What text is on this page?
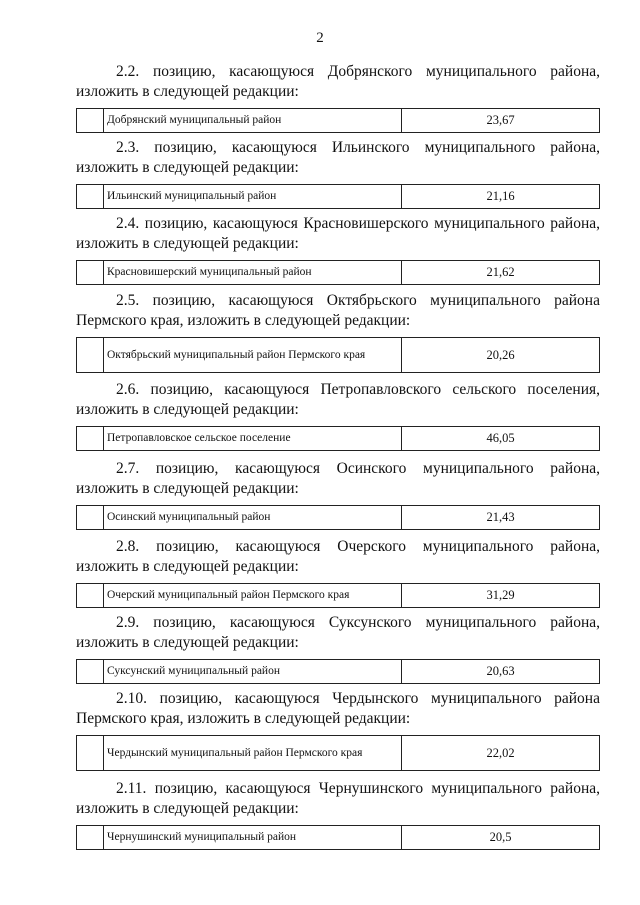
2

2.2. позицию, касающуюся Добрянского муниципального района, изложить в следующей редакции:

Добрянский муниципальный район	23,67

2.3. позицию, касающуюся Ильинского муниципального района, изложить в следующей редакции:

Ильинский муниципальный район	21,16

2.4. позицию, касающуюся Красновишерского муниципального района, изложить в следующей редакции:

Красновишерский муниципальный район	21,62

2.5. позицию, касающуюся Октябрьского муниципального района Пермского края, изложить в следующей редакции:

Октябрьский муниципальный район Пермского края	20,26

2.6. позицию, касающуюся Петропавловского сельского поселения, изложить в следующей редакции:

Петропавловское сельское поселение	46,05

2.7. позицию, касающуюся Осинского муниципального района, изложить в следующей редакции:

Осинский муниципальный район	21,43

2.8. позицию, касающуюся Очерского муниципального района, изложить в следующей редакции:

Очерский муниципальный район Пермского края	31,29

2.9. позицию, касающуюся Суксунского муниципального района, изложить в следующей редакции:

Суксунский муниципальный район	20,63

2.10. позицию, касающуюся Чердынского муниципального района Пермского края, изложить в следующей редакции:

Чердынский муниципальный район Пермского края	22,02

2.11. позицию, касающуюся Чернушинского муниципального района, изложить в следующей редакции:

Чернушинский муниципальный район	20,5
